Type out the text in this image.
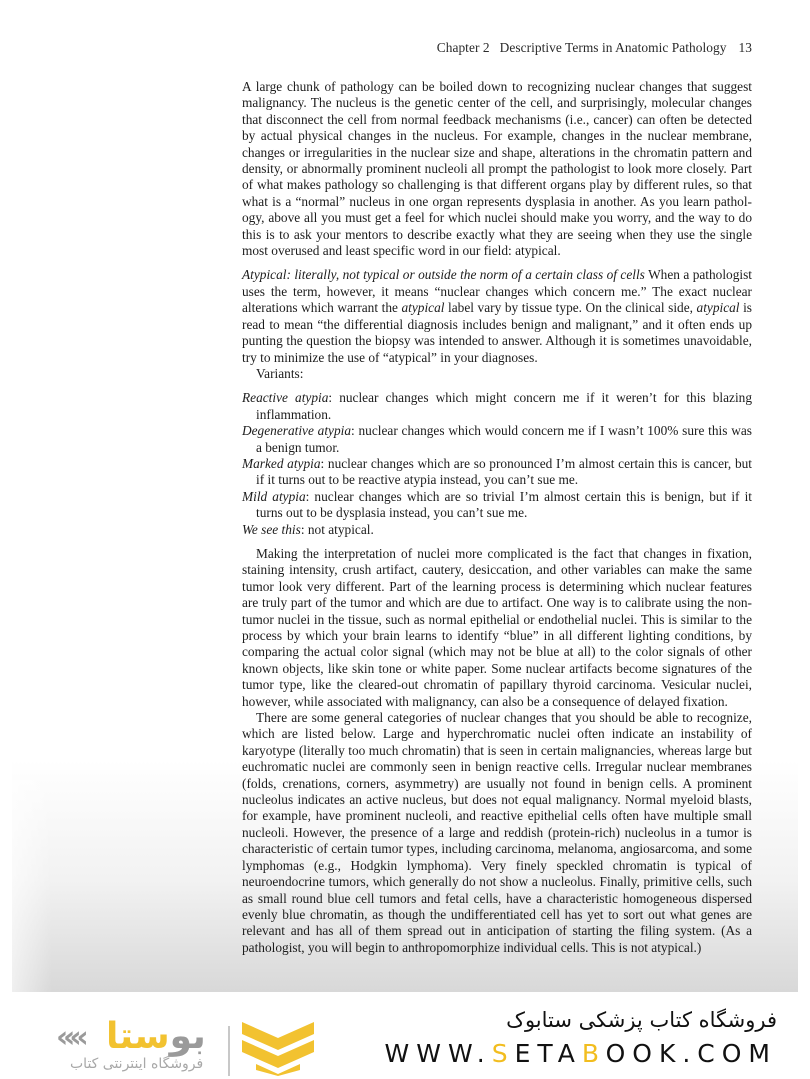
Chapter 2 Descriptive Terms in Anatomic Pathology 13

A large chunk of pathology can be boiled down to recognizing nuclear changes that suggest malignancy. The nucleus is the genetic center of the cell, and surprisingly, molecular changes that disconnect the cell from normal feedback mechanisms (i.e., cancer) can often be detected by actual physical changes in the nucleus. For example, changes in the nuclear membrane, changes or irregularities in the nuclear size and shape, alterations in the chromatin pattern and density, or abnormally prominent nucleoli all prompt the pathologist to look more closely. Part of what makes pathology so challenging is that different organs play by different rules, so that what is a “normal” nucleus in one organ represents dysplasia in another. As you learn pathology, above all you must get a feel for which nuclei should make you worry, and the way to do this is to ask your mentors to describe exactly what they are seeing when they use the single most overused and least specific word in our field: atypical.

Atypical: literally, not typical or outside the norm of a certain class of cells When a pathologist uses the term, however, it means “nuclear changes which concern me.” The exact nuclear alterations which warrant the atypical label vary by tissue type. On the clinical side, atypical is read to mean “the differential diagnosis includes benign and malignant,” and it often ends up punting the question the biopsy was intended to answer. Although it is sometimes unavoidable, try to minimize the use of “atypical” in your diagnoses.

Variants:

Reactive atypia: nuclear changes which might concern me if it weren’t for this blazing inflammation.

Degenerative atypia: nuclear changes which would concern me if I wasn’t 100% sure this was a benign tumor.

Marked atypia: nuclear changes which are so pronounced I’m almost certain this is cancer, but if it turns out to be reactive atypia instead, you can’t sue me.

Mild atypia: nuclear changes which are so trivial I’m almost certain this is benign, but if it turns out to be dysplasia instead, you can’t sue me.

We see this: not atypical.

Making the interpretation of nuclei more complicated is the fact that changes in fixation, staining intensity, crush artifact, cautery, desiccation, and other variables can make the same tumor look very different. Part of the learning process is determining which nuclear features are truly part of the tumor and which are due to artifact. One way is to calibrate using the non-tumor nuclei in the tissue, such as normal epithelial or endothelial nuclei. This is similar to the process by which your brain learns to identify “blue” in all different lighting conditions, by comparing the actual color signal (which may not be blue at all) to the color signals of other known objects, like skin tone or white paper. Some nuclear artifacts become signatures of the tumor type, like the cleared-out chromatin of papillary thyroid carcinoma. Vesicular nuclei, however, while associated with malignancy, can also be a consequence of delayed fixation.

There are some general categories of nuclear changes that you should be able to recognize, which are listed below. Large and hyperchromatic nuclei often indicate an instability of karyotype (literally too much chromatin) that is seen in certain malignancies, whereas large but euchromatic nuclei are commonly seen in benign reactive cells. Irregular nuclear membranes (folds, crenations, corners, asymmetry) are usually not found in benign cells. A prominent nucleolus indicates an active nucleus, but does not equal malignancy. Normal myeloid blasts, for example, have prominent nucleoli, and reactive epithelial cells often have multiple small nucleoli. However, the presence of a large and reddish (protein-rich) nucleolus in a tumor is characteristic of certain tumor types, including carcinoma, melanoma, angiosarcoma, and some lymphomas (e.g., Hodgkin lymphoma). Very finely speckled chromatin is typical of neuroendocrine tumors, which generally do not show a nucleolus. Finally, primitive cells, such as small round blue cell tumors and fetal cells, have a characteristic homogeneous dispersed evenly blue chromatin, as though the undifferentiated cell has yet to sort out what genes are relevant and has all of them spread out in anticipation of starting the filing system. (As a pathologist, you will begin to anthropomorphize individual cells. This is not atypical.)

««	بوستا
فروشگاه اینترنتی کتاب
فروشگاه کتاب پزشکی ستابوک
WWW.SETABOOK.COM
